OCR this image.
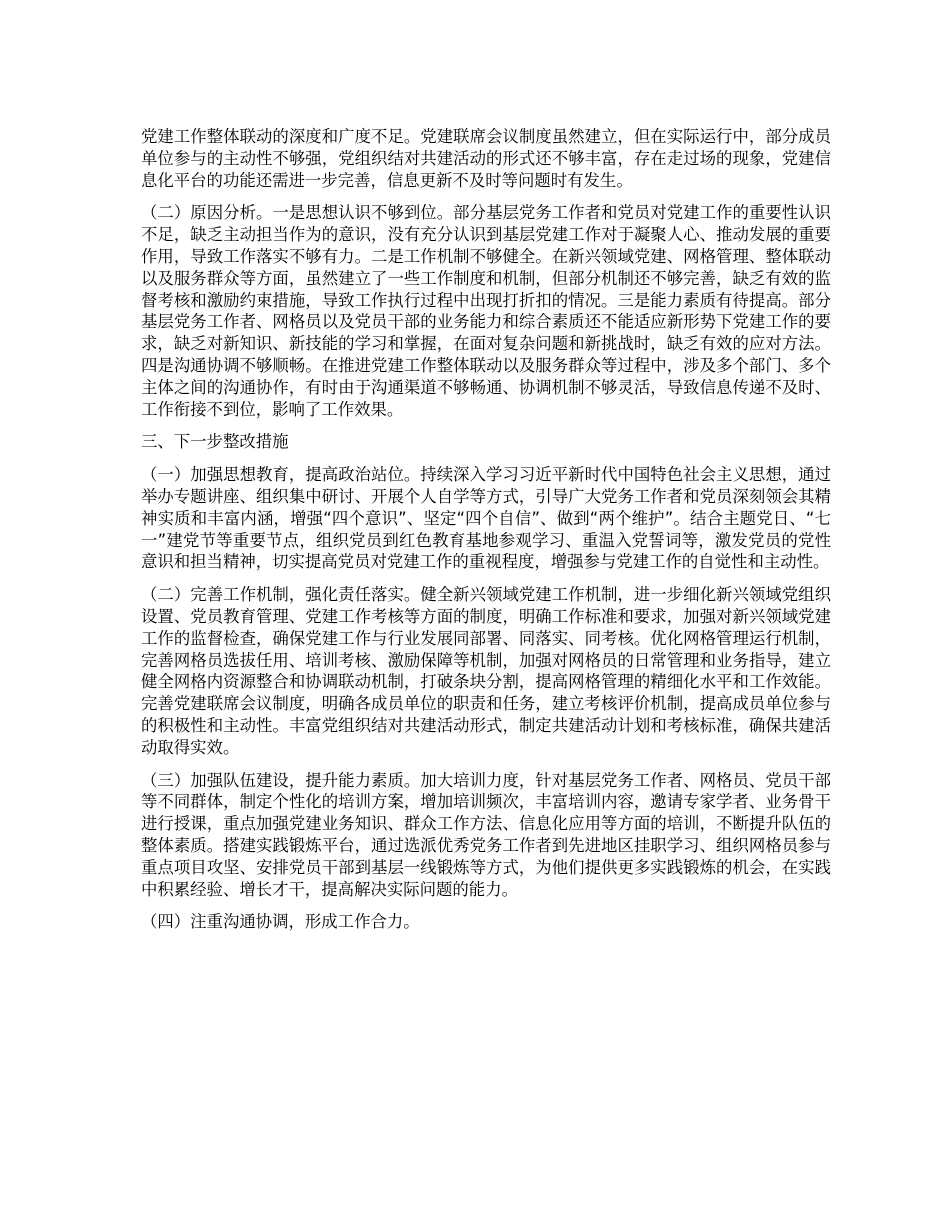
党建工作整体联动的深度和广度不足。党建联席会议制度虽然建立，但在实际运行中，部分成员单位参与的主动性不够强，党组织结对共建活动的形式还不够丰富，存在走过场的现象，党建信息化平台的功能还需进一步完善，信息更新不及时等问题时有发生。

（二）原因分析。一是思想认识不够到位。部分基层党务工作者和党员对党建工作的重要性认识不足，缺乏主动担当作为的意识，没有充分认识到基层党建工作对于凝聚人心、推动发展的重要作用，导致工作落实不够有力。二是工作机制不够健全。在新兴领域党建、网格管理、整体联动以及服务群众等方面，虽然建立了一些工作制度和机制，但部分机制还不够完善，缺乏有效的监督考核和激励约束措施，导致工作执行过程中出现打折扣的情况。三是能力素质有待提高。部分基层党务工作者、网格员以及党员干部的业务能力和综合素质还不能适应新形势下党建工作的要求，缺乏对新知识、新技能的学习和掌握，在面对复杂问题和新挑战时，缺乏有效的应对方法。四是沟通协调不够顺畅。在推进党建工作整体联动以及服务群众等过程中，涉及多个部门、多个主体之间的沟通协作，有时由于沟通渠道不够畅通、协调机制不够灵活，导致信息传递不及时、工作衔接不到位，影响了工作效果。

三、下一步整改措施

（一）加强思想教育，提高政治站位。持续深入学习习近平新时代中国特色社会主义思想，通过举办专题讲座、组织集中研讨、开展个人自学等方式，引导广大党务工作者和党员深刻领会其精神实质和丰富内涵，增强“四个意识”、坚定“四个自信”、做到“两个维护”。结合主题党日、“七一”建党节等重要节点，组织党员到红色教育基地参观学习、重温入党誓词等，激发党员的党性意识和担当精神，切实提高党员对党建工作的重视程度，增强参与党建工作的自觉性和主动性。

（二）完善工作机制，强化责任落实。健全新兴领域党建工作机制，进一步细化新兴领域党组织设置、党员教育管理、党建工作考核等方面的制度，明确工作标准和要求，加强对新兴领域党建工作的监督检查，确保党建工作与行业发展同部署、同落实、同考核。优化网格管理运行机制，完善网格员选拔任用、培训考核、激励保障等机制，加强对网格员的日常管理和业务指导，建立健全网格内资源整合和协调联动机制，打破条块分割，提高网格管理的精细化水平和工作效能。完善党建联席会议制度，明确各成员单位的职责和任务，建立考核评价机制，提高成员单位参与的积极性和主动性。丰富党组织结对共建活动形式，制定共建活动计划和考核标准，确保共建活动取得实效。

（三）加强队伍建设，提升能力素质。加大培训力度，针对基层党务工作者、网格员、党员干部等不同群体，制定个性化的培训方案，增加培训频次，丰富培训内容，邀请专家学者、业务骨干进行授课，重点加强党建业务知识、群众工作方法、信息化应用等方面的培训，不断提升队伍的整体素质。搭建实践锻炼平台，通过选派优秀党务工作者到先进地区挂职学习、组织网格员参与重点项目攻坚、安排党员干部到基层一线锻炼等方式，为他们提供更多实践锻炼的机会，在实践中积累经验、增长才干，提高解决实际问题的能力。

（四）注重沟通协调，形成工作合力。
